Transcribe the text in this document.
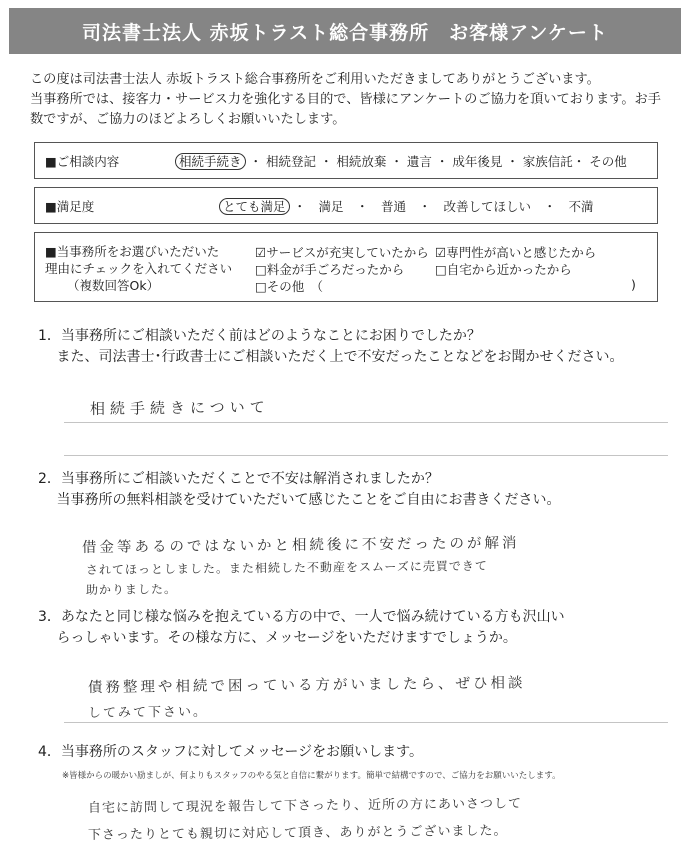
司法書士法人 赤坂トラスト総合事務所　お客様アンケート
この度は司法書士法人 赤坂トラスト総合事務所をご利用いただきましてありがとうございます。
当事務所では、接客力・サービス力を強化する目的で、皆様にアンケートのご協力を頂いております。お手数ですが、ご協力のほどよろしくお願いいたします。
■ご相談内容	相続手続き ・ 相続登記 ・ 相続放棄 ・ 遺言 ・ 成年後見 ・ 家族信託・ その他
■満足度	とても満足 ・　満足　・　普通　・　改善してほしい　・　不満
■当事務所をお選びいただいた
理由にチェックを入れてください
（複数回答Ok）
☑サービスが充実していたから ☑専門性が高いと感じたから
□料金が手ごろだったから □自宅から近かったから
□その他　（	)
1．当事務所にご相談いただく前はどのようなことにお困りでしたか？
　 また、司法書士･行政書士にご相談いただく上で不安だったことなどをお聞かせください。
相続手続きについて
2．当事務所にご相談いただくことで不安は解消されましたか？
　 当事務所の無料相談を受けていただいて感じたことをご自由にお書きください。
借金等あるのではないかと相続後に不安だったのが解消
されてほっとしました。また相続した不動産をスムーズに売買できて
助かりました。
3．あなたと同じ様な悩みを抱えている方の中で、一人で悩み続けている方も沢山い
　 らっしゃいます。その様な方に、メッセージをいただけますでしょうか。
債務整理や相続で困っている方がいましたら、ぜひ相談
してみて下さい。
4．当事務所のスタッフに対してメッセージをお願いします。
※皆様からの暖かい励ましが、何よりもスタッフのやる気と自信に繋がります。簡単で結構ですので、ご協力をお願いいたします。
自宅に訪問して現況を報告して下さったり、近所の方にあいさつして
下さったりとても親切に対応して頂き、ありがとうございました。
